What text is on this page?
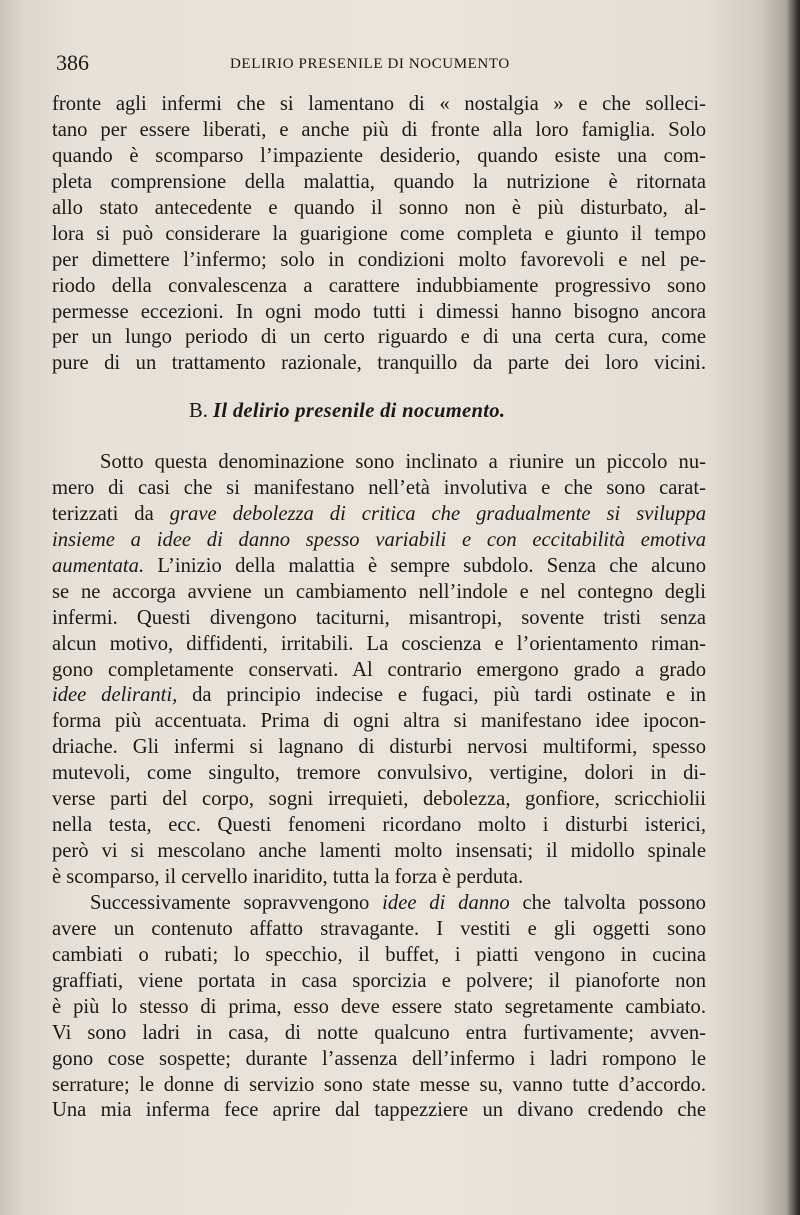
386	DELIRIO PRESENILE DI NOCUMENTO
fronte agli infermi che si lamentano di « nostalgia » e che solleci-
tano per essere liberati, e anche più di fronte alla loro famiglia. Solo
quando è scomparso l’impaziente desiderio, quando esiste una com-
pleta comprensione della malattia, quando la nutrizione è ritornata
allo stato antecedente e quando il sonno non è più disturbato, al-
lora si può considerare la guarigione come completa e giunto il tempo
per dimettere l’infermo; solo in condizioni molto favorevoli e nel pe-
riodo della convalescenza a carattere indubbiamente progressivo sono
permesse eccezioni. In ogni modo tutti i dimessi hanno bisogno ancora
per un lungo periodo di un certo riguardo e di una certa cura, come
pure di un trattamento razionale, tranquillo da parte dei loro vicini.
B. Il delirio presenile di nocumento.
Sotto questa denominazione sono inclinato a riunire un piccolo nu-
mero di casi che si manifestano nell’età involutiva e che sono carat-
terizzati da grave debolezza di critica che gradualmente si sviluppa
insieme a idee di danno spesso variabili e con eccitabilità emotiva
aumentata. L’inizio della malattia è sempre subdolo. Senza che alcuno
se ne accorga avviene un cambiamento nell’indole e nel contegno degli
infermi. Questi divengono taciturni, misantropi, sovente tristi senza
alcun motivo, diffidenti, irritabili. La coscienza e l’orientamento riman-
gono completamente conservati. Al contrario emergono grado a grado
idee deliranti, da principio indecise e fugaci, più tardi ostinate e in
forma più accentuata. Prima di ogni altra si manifestano idee ipocon-
driache. Gli infermi si lagnano di disturbi nervosi multiformi, spesso
mutevoli, come singulto, tremore convulsivo, vertigine, dolori in di-
verse parti del corpo, sogni irrequieti, debolezza, gonfiore, scricchiolii
nella testa, ecc. Questi fenomeni ricordano molto i disturbi isterici,
però vi si mescolano anche lamenti molto insensati; il midollo spinale
è scomparso, il cervello inaridito, tutta la forza è perduta.
Successivamente sopravvengono idee di danno che talvolta possono
avere un contenuto affatto stravagante. I vestiti e gli oggetti sono
cambiati o rubati; lo specchio, il buffet, i piatti vengono in cucina
graffiati, viene portata in casa sporcizia e polvere; il pianoforte non
è più lo stesso di prima, esso deve essere stato segretamente cambiato.
Vi sono ladri in casa, di notte qualcuno entra furtivamente; avven-
gono cose sospette; durante l’assenza dell’infermo i ladri rompono le
serrature; le donne di servizio sono state messe su, vanno tutte d’accordo.
Una mia inferma fece aprire dal tappezziere un divano credendo che
